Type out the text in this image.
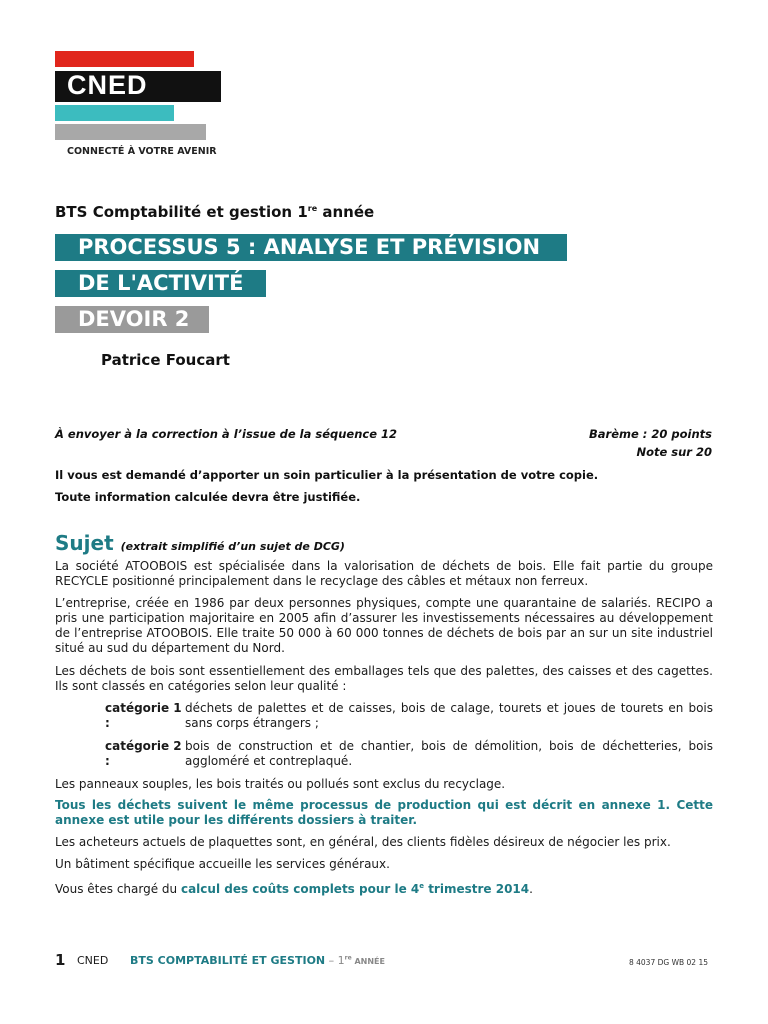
CNED
CONNECTÉ À VOTRE AVENIR
BTS Comptabilité et gestion 1re année
PROCESSUS 5 : ANALYSE ET PRÉVISION
DE L'ACTIVITÉ
DEVOIR 2
Patrice Foucart
À envoyer à la correction à l’issue de la séquence 12	Barème : 20 points
Note sur 20
Il vous est demandé d’apporter un soin particulier à la présentation de votre copie.
Toute information calculée devra être justifiée.
Sujet (extrait simplifié d’un sujet de DCG)
La société ATOOBOIS est spécialisée dans la valorisation de déchets de bois. Elle fait partie du groupe RECYCLE positionné principalement dans le recyclage des câbles et métaux non ferreux.
L’entreprise, créée en 1986 par deux personnes physiques, compte une quarantaine de salariés. RECIPO a pris une participation majoritaire en 2005 afin d’assurer les investissements nécessaires au développement de l’entreprise ATOOBOIS. Elle traite 50 000 à 60 000 tonnes de déchets de bois par an sur un site industriel situé au sud du département du Nord.
Les déchets de bois sont essentiellement des emballages tels que des palettes, des caisses et des cagettes. Ils sont classés en catégories selon leur qualité :
catégorie 1 :
déchets de palettes et de caisses, bois de calage, tourets et joues de tourets en bois sans corps étrangers ;
catégorie 2 :
bois de construction et de chantier, bois de démolition, bois de déchetteries, bois aggloméré et contreplaqué.
Les panneaux souples, les bois traités ou pollués sont exclus du recyclage.
Tous les déchets suivent le même processus de production qui est décrit en annexe 1. Cette annexe est utile pour les différents dossiers à traiter.
Les acheteurs actuels de plaquettes sont, en général, des clients fidèles désireux de négocier les prix.
Un bâtiment spécifique accueille les services généraux.
Vous êtes chargé du calcul des coûts complets pour le 4e trimestre 2014.
1 CNED BTS COMPTABILITÉ ET GESTION – 1re ANNÉE	8 4037 DG WB 02 15
